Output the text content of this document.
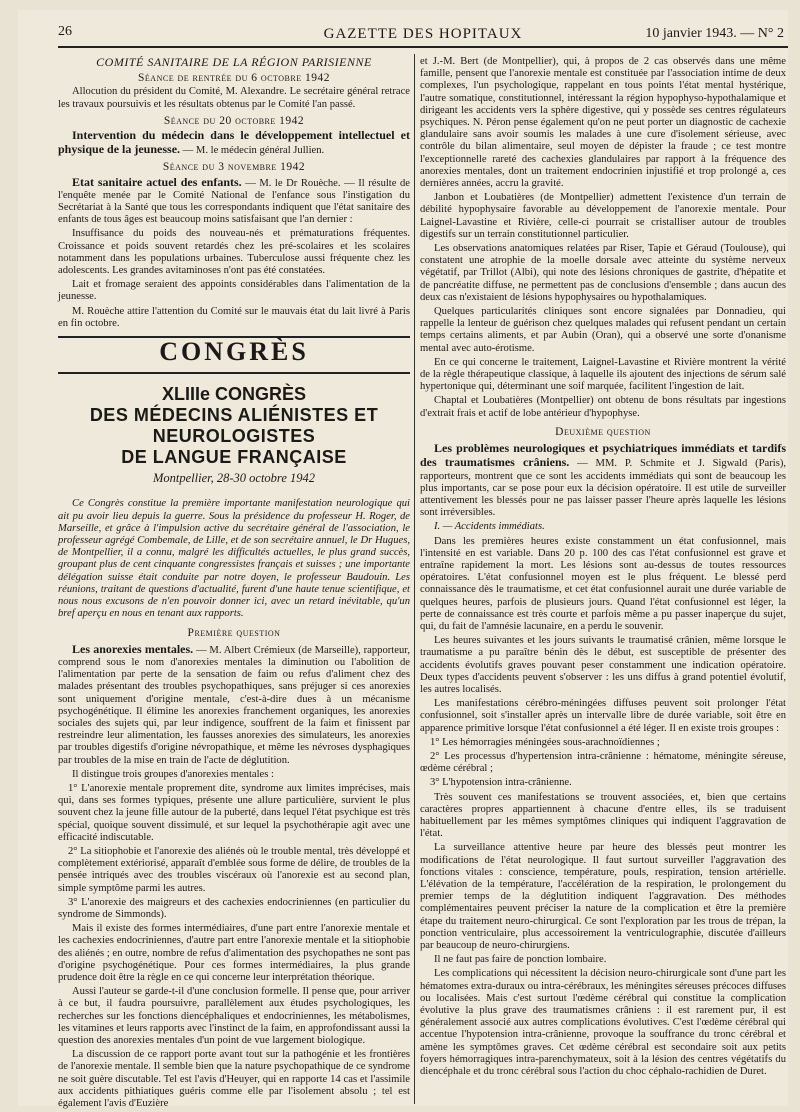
26	GAZETTE DES HOPITAUX	10 janvier 1943. — N° 2
COMITÉ SANITAIRE DE LA RÉGION PARISIENNE
Séance de rentrée du 6 octobre 1942

Allocution du président du Comité, M. Alexandre. Le secrétaire général retrace les travaux poursuivis et les résultats obtenus par le Comité l'an passé.

Séance du 20 octobre 1942

Intervention du médecin dans le développement intellectuel et physique de la jeunesse. — M. le médecin général Jullien.

Séance du 3 novembre 1942

Etat sanitaire actuel des enfants. — M. le Dr Rouèche. — Il résulte de l'enquête menée par le Comité National de l'enfance sous l'instigation du Secrétariat à la Santé que tous les correspondants indiquent que l'état sanitaire des enfants de tous âges est beaucoup moins satisfaisant que l'an dernier :

Insuffisance du poids des nouveau-nés et prématurations fréquentes. Croissance et poids souvent retardés chez les pré-scolaires et les scolaires notamment dans les populations urbaines. Tuberculose aussi fréquente chez les adolescents. Les grandes avitaminoses n'ont pas été constatées.

Lait et fromage seraient des appoints considérables dans l'alimentation de la jeunesse.

M. Rouèche attire l'attention du Comité sur le mauvais état du lait livré à Paris en fin octobre.

CONGRÈS
XLIIIe CONGRÈS
DES MÉDECINS ALIÉNISTES ET NEUROLOGISTES
DE LANGUE FRANÇAISE
Montpellier, 28-30 octobre 1942

Ce Congrès constitue la première importante manifestation neurologique qui ait pu avoir lieu depuis la guerre. Sous la présidence du professeur H. Roger, de Marseille, et grâce à l'impulsion active du secrétaire général de l'association, le professeur agrégé Combemale, de Lille, et de son secrétaire annuel, le Dr Hugues, de Montpellier, il a connu, malgré les difficultés actuelles, le plus grand succès, groupant plus de cent cinquante congressistes français et suisses ; une importante délégation suisse était conduite par notre doyen, le professeur Baudouin. Les réunions, traitant de questions d'actualité, furent d'une haute tenue scientifique, et nous nous excusons de n'en pouvoir donner ici, avec un retard inévitable, qu'un bref aperçu en nous en tenant aux rapports.

Première question

Les anorexies mentales. — M. Albert Crémieux (de Marseille), rapporteur, comprend sous le nom d'anorexies mentales la diminution ou l'abolition de l'alimentation par perte de la sensation de faim ou refus d'aliment chez des malades présentant des troubles psychopathiques, sans préjuger si ces anorexies sont uniquement d'origine mentale, c'est-à-dire dues à un mécanisme psychogénétique. Il élimine les anorexies franchement organiques, les anorexies sociales des sujets qui, par leur indigence, souffrent de la faim et finissent par restreindre leur alimentation, les fausses anorexies des simulateurs, les anorexies par troubles digestifs d'origine névropathique, et même les névroses dysphagiques par troubles de la mise en train de l'acte de déglutition.

Il distingue trois groupes d'anorexies mentales :

1° L'anorexie mentale proprement dite, syndrome aux limites imprécises, mais qui, dans ses formes typiques, présente une allure particulière, survient le plus souvent chez la jeune fille autour de la puberté, dans lequel l'état psychique est très spécial, quoique souvent dissimulé, et sur lequel la psychothérapie agit avec une efficacité indiscutable.

2° La sitiophobie et l'anorexie des aliénés où le trouble mental, très développé et complètement extériorisé, apparaît d'emblée sous forme de délire, de troubles de la pensée intriqués avec des troubles viscéraux où l'anorexie est au second plan, simple symptôme parmi les autres.

3° L'anorexie des maigreurs et des cachexies endocriniennes (en particulier du syndrome de Simmonds).

Mais il existe des formes intermédiaires, d'une part entre l'anorexie mentale et les cachexies endocriniennes, d'autre part entre l'anorexie mentale et la sitiophobie des aliénés ; en outre, nombre de refus d'alimentation des psychopathes ne sont pas d'origine psychogénétique. Pour ces formes intermédiaires, la plus grande prudence doit être la règle en ce qui concerne leur interprétation théorique.

Aussi l'auteur se garde-t-il d'une conclusion formelle. Il pense que, pour arriver à ce but, il faudra poursuivre, parallèlement aux études psychologiques, les recherches sur les fonctions diencéphaliques et endocriniennes, les métabolismes, les vitamines et leurs rapports avec l'instinct de la faim, en approfondissant aussi la question des anorexies mentales d'un point de vue largement biologique.

La discussion de ce rapport porte avant tout sur la pathogénie et les frontières de l'anorexie mentale. Il semble bien que la nature psychopathique de ce syndrome ne soit guère discutable. Tel est l'avis d'Heuyer, qui en rapporte 14 cas et l'assimile aux accidents pithiatiques guéris comme elle par l'isolement absolu ; tel est également l'avis d'Euzière

et J.-M. Bert (de Montpellier), qui, à propos de 2 cas observés dans une même famille, pensent que l'anorexie mentale est constituée par l'association intime de deux complexes, l'un psychologique, rappelant en tous points l'état mental hystérique, l'autre somatique, constitutionnel, intéressant la région hypophyso-hypothalamique et dirigeant les accidents vers la sphère digestive, qui y possède ses centres régulateurs psychiques. N. Péron pense également qu'on ne peut porter un diagnostic de cachexie glandulaire sans avoir soumis les malades à une cure d'isolement sérieuse, avec contrôle du bilan alimentaire, seul moyen de dépister la fraude ; ce test montre l'exceptionnelle rareté des cachexies glandulaires par rapport à la fréquence des anorexies mentales, dont un traitement endocrinien injustifié et trop prolongé a, ces dernières années, accru la gravité.

Janbon et Loubatières (de Montpellier) admettent l'existence d'un terrain de débilité hypophysaire favorable au développement de l'anorexie mentale. Pour Laignel-Lavastine et Rivière, celle-ci pourrait se cristalliser autour de troubles digestifs sur un terrain constitutionnel particulier.

Les observations anatomiques relatées par Riser, Tapie et Géraud (Toulouse), qui constatent une atrophie de la moelle dorsale avec atteinte du système nerveux végétatif, par Trillot (Albi), qui note des lésions chroniques de gastrite, d'hépatite et de pancréatite diffuse, ne permettent pas de conclusions d'ensemble ; dans aucun des deux cas n'existaient de lésions hypophysaires ou hypothalamiques.

Quelques particularités cliniques sont encore signalées par Donnadieu, qui rappelle la lenteur de guérison chez quelques malades qui refusent pendant un certain temps certains aliments, et par Aubin (Oran), qui a observé une sorte d'onanisme mental avec auto-érotisme.

En ce qui concerne le traitement, Laignel-Lavastine et Rivière montrent la vérité de la règle thérapeutique classique, à laquelle ils ajoutent des injections de sérum salé hypertonique qui, déterminant une soif marquée, facilitent l'ingestion de lait.

Chaptal et Loubatières (Montpellier) ont obtenu de bons résultats par ingestions d'extrait frais et actif de lobe antérieur d'hypophyse.

Deuxième question

Les problèmes neurologiques et psychiatriques immédiats et tardifs des traumatismes crâniens. — MM. P. Schmite et J. Sigwald (Paris), rapporteurs, montrent que ce sont les accidents immédiats qui sont de beaucoup les plus importants, car se pose pour eux la décision opératoire. Il est utile de surveiller attentivement les blessés pour ne pas laisser passer l'heure après laquelle les lésions sont irréversibles.

I. — Accidents immédiats.

Dans les premières heures existe constamment un état confusionnel, mais l'intensité en est variable. Dans 20 p. 100 des cas l'état confusionnel est grave et entraîne rapidement la mort. Les lésions sont au-dessus de toutes ressources opératoires. L'état confusionnel moyen est le plus fréquent. Le blessé perd connaissance dès le traumatisme, et cet état confusionnel aurait une durée variable de quelques heures, parfois de plusieurs jours. Quand l'état confusionnel est léger, la perte de connaissance est très courte et parfois même a pu passer inaperçue du sujet, qui, du fait de l'amnésie lacunaire, en a perdu le souvenir.

Les heures suivantes et les jours suivants le traumatisé crânien, même lorsque le traumatisme a pu paraître bénin dès le début, est susceptible de présenter des accidents évolutifs graves pouvant peser constamment une indication opératoire. Deux types d'accidents peuvent s'observer : les uns diffus à grand potentiel évolutif, les autres localisés.

Les manifestations cérébro-méningées diffuses peuvent soit prolonger l'état confusionnel, soit s'installer après un intervalle libre de durée variable, soit être en apparence primitive lorsque l'état confusionnel a été léger. Il en existe trois groupes :

1° Les hémorragies méningées sous-arachnoïdiennes ;

2° Les processus d'hypertension intra-crânienne : hématome, méningite séreuse, œdème cérébral ;

3° L'hypotension intra-crânienne.

Très souvent ces manifestations se trouvent associées, et, bien que certains caractères propres appartiennent à chacune d'entre elles, ils se traduisent habituellement par les mêmes symptômes cliniques qui indiquent l'aggravation de l'état.

La surveillance attentive heure par heure des blessés peut montrer les modifications de l'état neurologique. Il faut surtout surveiller l'aggravation des fonctions vitales : conscience, température, pouls, respiration, tension artérielle. L'élévation de la température, l'accélération de la respiration, le prolongement du premier temps de la déglutition indiquent l'aggravation. Des méthodes complémentaires peuvent préciser la nature de la complication et être la première étape du traitement neuro-chirurgical. Ce sont l'exploration par les trous de trépan, la ponction ventriculaire, plus accessoirement la ventriculographie, discutée d'ailleurs par beaucoup de neuro-chirurgiens.

Il ne faut pas faire de ponction lombaire.

Les complications qui nécessitent la décision neuro-chirurgicale sont d'une part les hématomes extra-duraux ou intra-cérébraux, les méningites séreuses précoces diffuses ou localisées. Mais c'est surtout l'œdème cérébral qui constitue la complication évolutive la plus grave des traumatismes crâniens : il est rarement pur, il est généralement associé aux autres complications évolutives. C'est l'œdème cérébral qui accentue l'hypotension intra-crânienne, provoque la souffrance du tronc cérébral et amène les symptômes graves. Cet œdème cérébral est secondaire soit aux petits foyers hémorragiques intra-parenchymateux, soit à la lésion des centres végétatifs du diencéphale et du tronc cérébral sous l'action du choc céphalo-rachidien de Duret.
